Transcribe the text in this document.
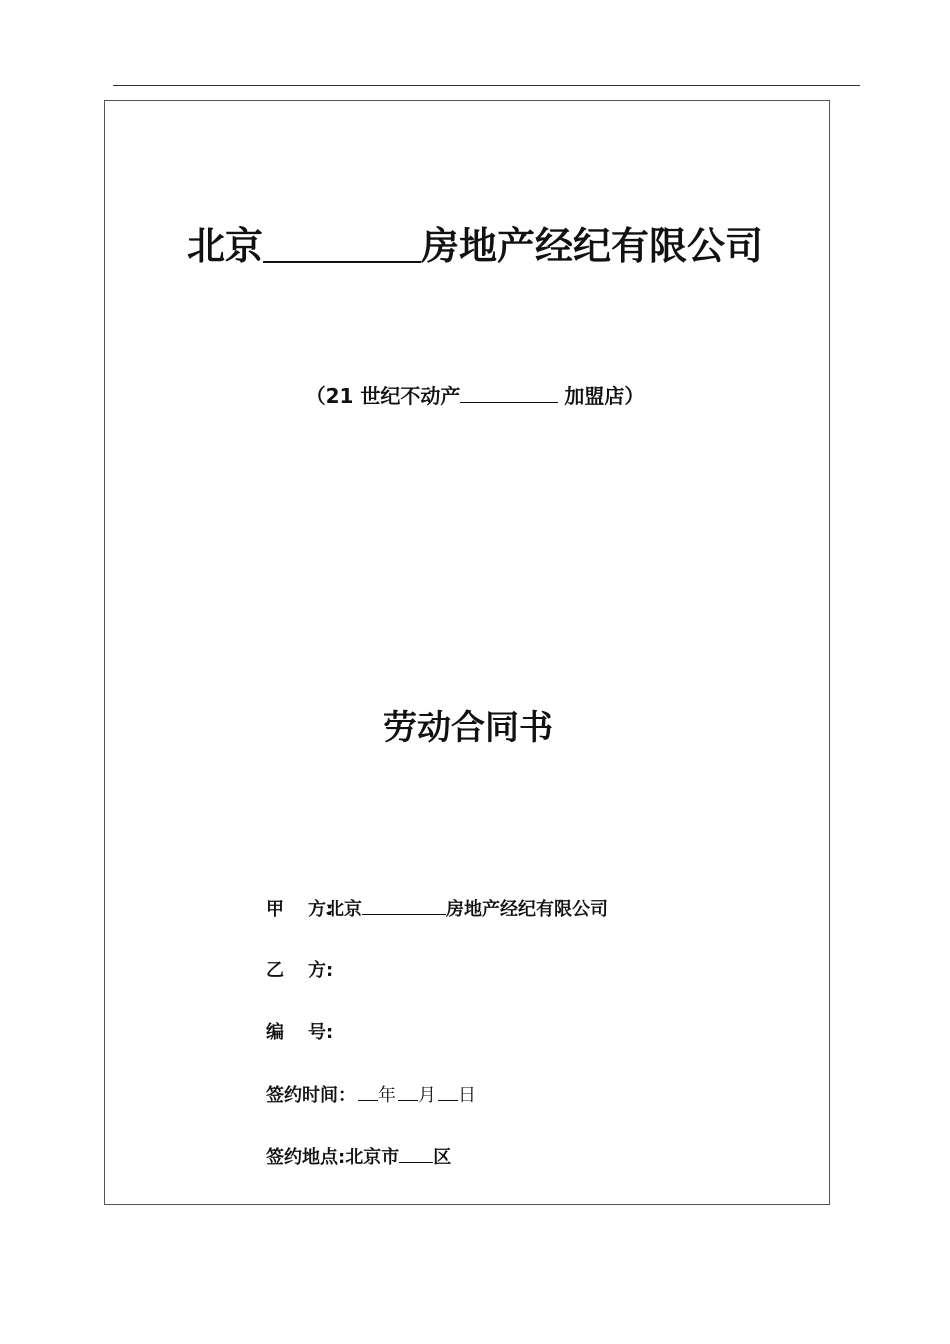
北京	房地产经纪有限公司
（21 世纪不动产	加盟店）
劳动合同书
甲 方:北京	房地产经纪有限公司
乙 方:
编 号:
签约时间： 年 月 日
签约地点:北京市 区
